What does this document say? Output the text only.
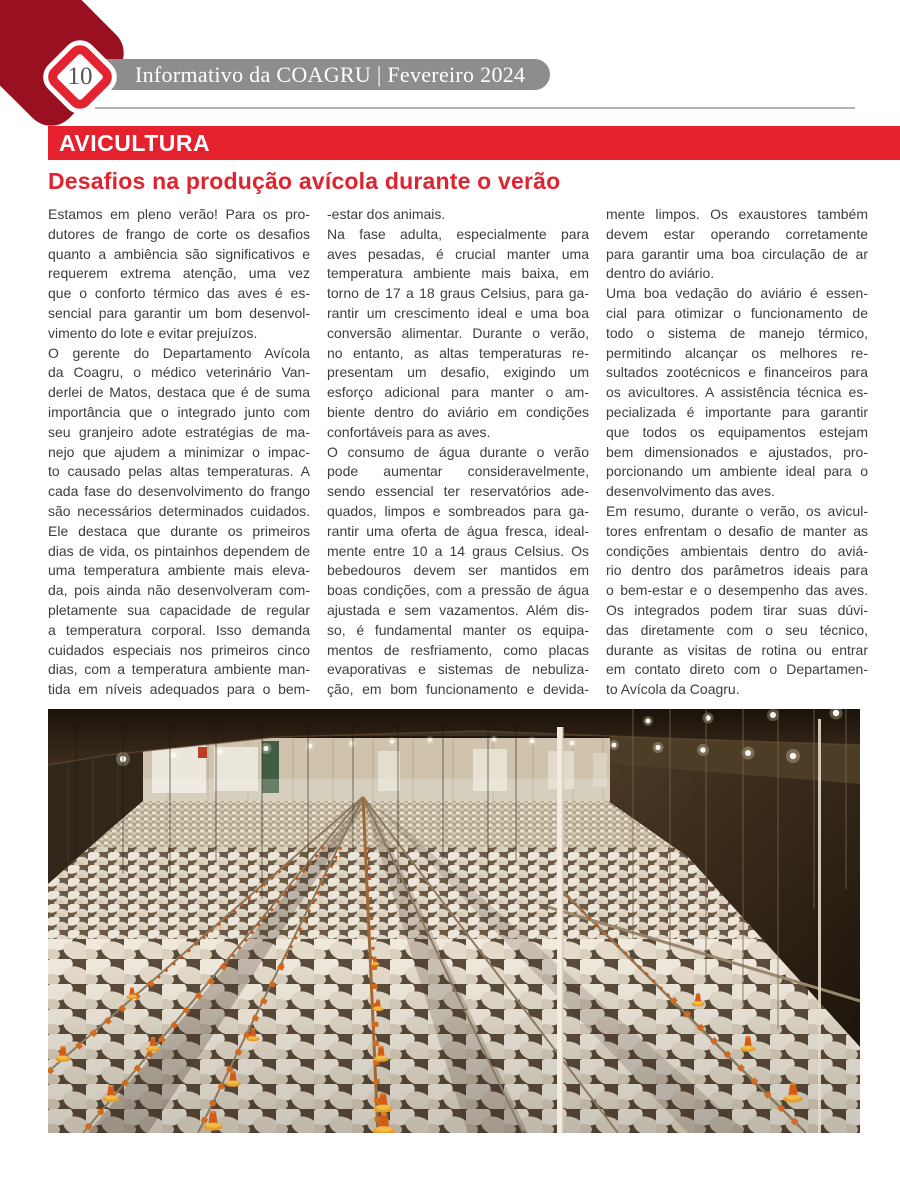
Informativo da COAGRU | Fevereiro 2024
10
AVICULTURA
Desafios na produção avícola durante o verão
Estamos em pleno verão! Para os pro-
dutores de frango de corte os desafios
quanto a ambiência são significativos e
requerem extrema atenção, uma vez
que o conforto térmico das aves é es-
sencial para garantir um bom desenvol-
vimento do lote e evitar prejuízos.
O gerente do Departamento Avícola
da Coagru, o médico veterinário Van-
derlei de Matos, destaca que é de suma
importância que o integrado junto com
seu granjeiro adote estratégias de ma-
nejo que ajudem a minimizar o impac-
to causado pelas altas temperaturas. A
cada fase do desenvolvimento do frango
são necessários determinados cuidados.
Ele destaca que durante os primeiros
dias de vida, os pintainhos dependem de
uma temperatura ambiente mais eleva-
da, pois ainda não desenvolveram com-
pletamente sua capacidade de regular
a temperatura corporal. Isso demanda
cuidados especiais nos primeiros cinco
dias, com a temperatura ambiente man-
tida em níveis adequados para o bem-
-estar dos animais.
Na fase adulta, especialmente para
aves pesadas, é crucial manter uma
temperatura ambiente mais baixa, em
torno de 17 a 18 graus Celsius, para ga-
rantir um crescimento ideal e uma boa
conversão alimentar. Durante o verão,
no entanto, as altas temperaturas re-
presentam um desafio, exigindo um
esforço adicional para manter o am-
biente dentro do aviário em condições
confortáveis para as aves.
O consumo de água durante o verão
pode aumentar consideravelmente,
sendo essencial ter reservatórios ade-
quados, limpos e sombreados para ga-
rantir uma oferta de água fresca, ideal-
mente entre 10 a 14 graus Celsius. Os
bebedouros devem ser mantidos em
boas condições, com a pressão de água
ajustada e sem vazamentos. Além dis-
so, é fundamental manter os equipa-
mentos de resfriamento, como placas
evaporativas e sistemas de nebuliza-
ção, em bom funcionamento e devida-
mente limpos. Os exaustores também
devem estar operando corretamente
para garantir uma boa circulação de ar
dentro do aviário.
Uma boa vedação do aviário é essen-
cial para otimizar o funcionamento de
todo o sistema de manejo térmico,
permitindo alcançar os melhores re-
sultados zootécnicos e financeiros para
os avicultores. A assistência técnica es-
pecializada é importante para garantir
que todos os equipamentos estejam
bem dimensionados e ajustados, pro-
porcionando um ambiente ideal para o
desenvolvimento das aves.
Em resumo, durante o verão, os avicul-
tores enfrentam o desafio de manter as
condições ambientais dentro do aviá-
rio dentro dos parâmetros ideais para
o bem-estar e o desempenho das aves.
Os integrados podem tirar suas dúvi-
das diretamente com o seu técnico,
durante as visitas de rotina ou entrar
em contato direto com o Departamen-
to Avícola da Coagru.
